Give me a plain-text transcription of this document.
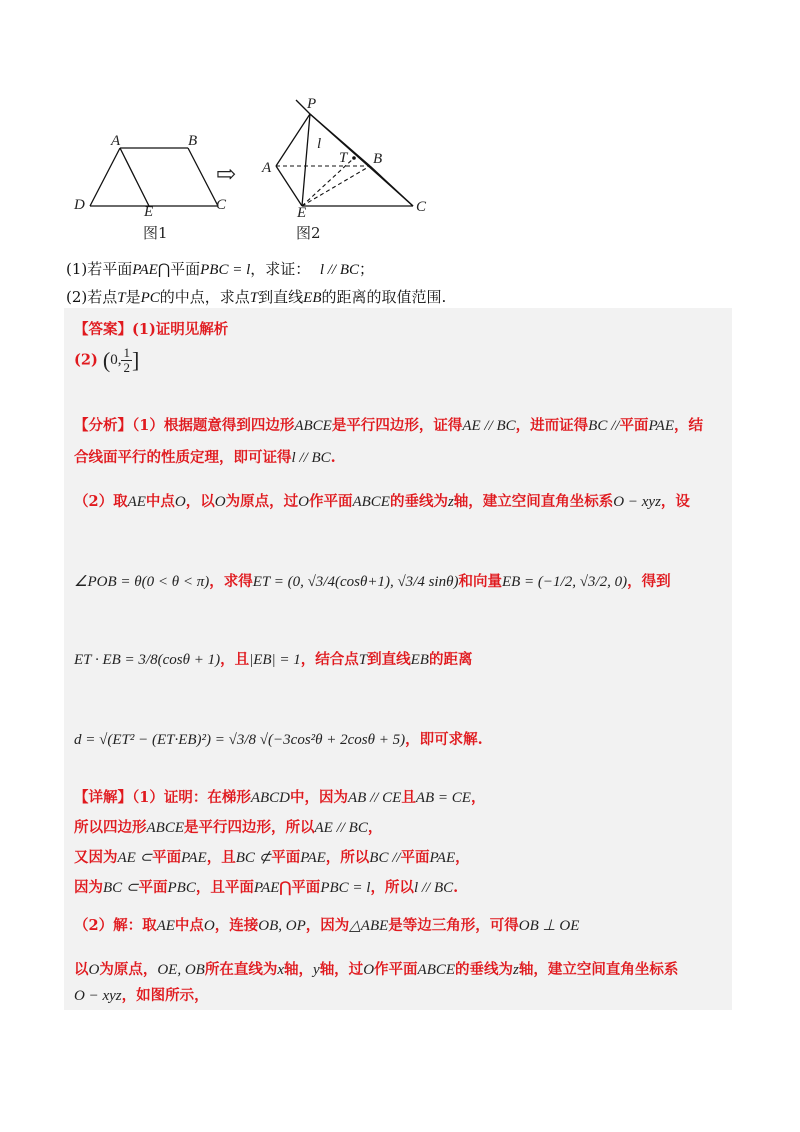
A	B
D	E	C
图1
⇨
P
l
T
A
B
E	C
图2
(1)若平面PAE⋂平面PBC = l，求证： l // BC；
(2)若点T是PC的中点，求点T到直线EB的距离的取值范围.
【答案】(1)证明见解析
(2) (0, $\frac{1}{2}$ ]
【分析】（1）根据题意得到四边形ABCE是平行四边形，证得AE // BC，进而证得BC //平面PAE，结
合线面平行的性质定理，即可证得l // BC.
（2）取AE中点O，以O为原点，过O作平面ABCE的垂线为z轴，建立空间直角坐标系O − xyz，设
∠POB = θ(0 < θ < π)，求得ET = (0, √3/4(cosθ+1), √3/4 sinθ)和向量EB = (−1/2, √3/2, 0)，得到
ET · EB = 3/8(cosθ + 1)，且|EB| = 1，结合点T到直线EB的距离
d = √(ET² − (ET·EB)²) = √3/8 √(−3cos²θ + 2cosθ + 5)，即可求解.
【详解】（1）证明：在梯形ABCD中，因为AB // CE且AB = CE，
所以四边形ABCE是平行四边形，所以AE // BC，
又因为AE ⊂平面PAE，且BC ⊄平面PAE，所以BC //平面PAE，
因为BC ⊂平面PBC，且平面PAE⋂平面PBC = l，所以l // BC.
（2）解：取AE中点O，连接OB, OP，因为△ABE是等边三角形，可得OB ⊥ OE
以O为原点，OE, OB所在直线为x轴，y轴，过O作平面ABCE的垂线为z轴，建立空间直角坐标系
O − xyz，如图所示，
